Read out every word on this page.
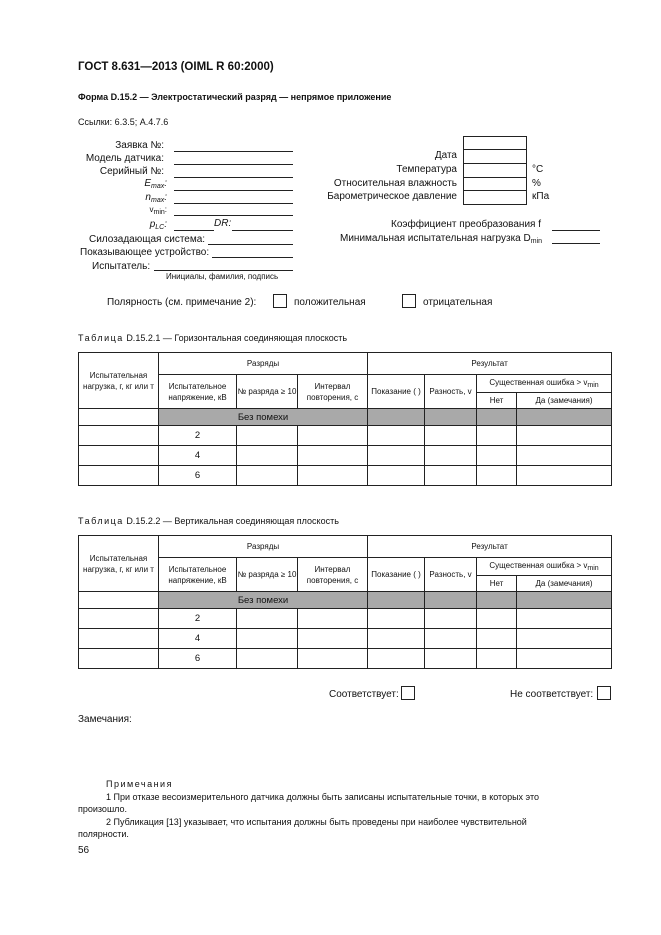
ГОСТ 8.631—2013 (OIML R 60:2000)
Форма D.15.2 — Электростатический разряд — непрямое приложение
Ссылки: 6.3.5; А.4.7.6
Заявка №:
Модель датчика:
Серийный №:
$E_{max}$:
$n_{max}$:
vmin:
$p_{LC}$:	DR:
Силозадающая система:
Показывающее устройство:
Испытатель:
Инициалы, фамилия, подпись
Дата
Температура	°C
Относительная влажность	%
Барометрическое давление	кПа
Коэффициент преобразования f
Минимальная испытательная нагрузка $D_{min}$
Полярность (см. примечание 2):	положительная	отрицательная
Таблица D.15.2.1 — Горизонтальная соединяющая плоскость
Испытательная нагрузка, г, кг или т	Разряды			Результат			
	Испытательное напряжение, кВ	№ разряда ≥ 10	Интервал повторения, с	Показание ( )	Разность, v	Существенная ошибка > vmin	
						Нет	Да (замечания)
	Без помехи						
	2						
	4						
	6						
Таблица D.15.2.2 — Вертикальная соединяющая плоскость
Испытательная нагрузка, г, кг или т	Разряды			Результат			
	Испытательное напряжение, кВ	№ разряда ≥ 10	Интервал повторения, с	Показание ( )	Разность, v	Существенная ошибка > vmin	
						Нет	Да (замечания)
	Без помехи						
	2						
	4						
	6						
Соответствует:	Не соответствует:
Замечания:
Примечания
1 При отказе весоизмерительного датчика должны быть записаны испытательные точки, в которых это
произошло.
2 Публикация [13] указывает, что испытания должны быть проведены при наиболее чувствительной
полярности.
56
